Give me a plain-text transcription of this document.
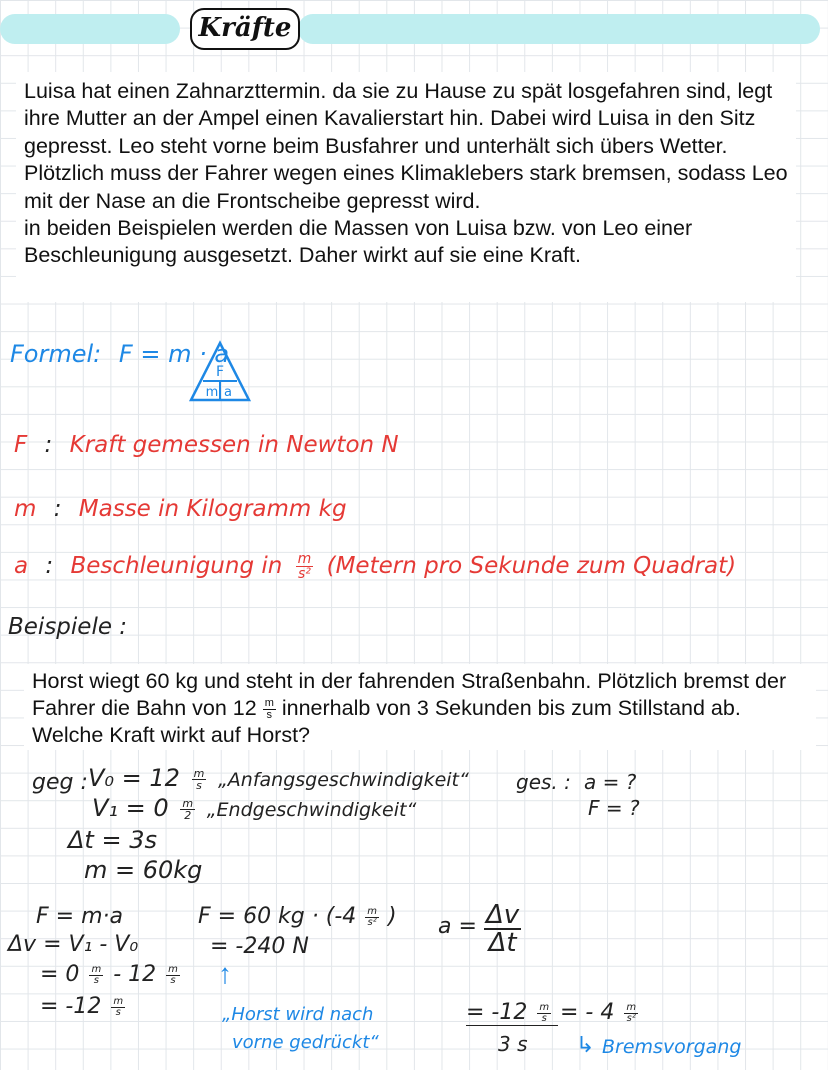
Kräfte

Luisa hat einen Zahnarzttermin. da sie zu Hause zu spät losgefahren sind, legt ihre Mutter an der Ampel einen Kavalierstart hin. Dabei wird Luisa in den Sitz gepresst. Leo steht vorne beim Busfahrer und unterhält sich übers Wetter. Plötzlich muss der Fahrer wegen eines Klimaklebers stark bremsen, sodass Leo mit der Nase an die Frontscheibe gepresst wird.

in beiden Beispielen werden die Massen von Luisa bzw. von Leo einer Beschleunigung ausgesetzt. Daher wirkt auf sie eine Kraft.

Formel: F = m · a
F
m a
F : Kraft gemessen in Newton N
m : Masse in Kilogramm kg
a : Beschleunigung in $\frac{m}{\text{s²}}$ (Metern pro Sekunde zum Quadrat)
Beispiele :
Horst wiegt 60 kg und steht in der fahrenden Straßenbahn. Plötzlich bremst der Fahrer die Bahn von $12 \frac{m}{s}$ innerhalb von 3 Sekunden bis zum Stillstand ab. Welche Kraft wirkt auf Horst?
geg : $V_0 = 12 \frac{m}{s}$ „Anfangsgeschwindigkeit“
$V_1 = 0 \frac{m}{2}$ „Endgeschwindigkeit“
Δt = 3s
m = 60kg
ges. : a = ?
F = ?
F = m·a
Δv = V₁ - V₀
= $0 \frac{m}{s} - 12 \frac{m}{s}$
= $-12 \frac{m}{s}$
F = 60 kg · ($-4 \frac{m}{\text{s²}}$ )
= -240 N
↑
„Horst wird nach
vorne gedrückt“
$a = \frac{\Delta v}{\Delta t}$
= $-12 \frac{m}{s}$
3 s
= - $4 \frac{m}{\text{s²}}$
↳ Bremsvorgang
